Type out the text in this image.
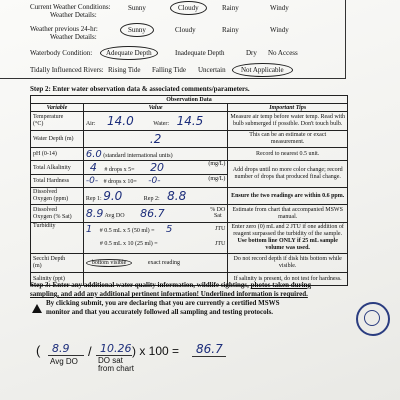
Current Weather Conditions:
Weather Details:
Sunny	Cloudy	Rainy	Windy
Weather previous 24-hr:
Weather Details:
Sunny	Cloudy	Rainy	Windy
Waterbody Condition:	Adequate Depth	Inadequate Depth	Dry No Access
Tidally Influenced Rivers: Rising Tide Falling Tide Uncertain	Not Applicable
Step 2: Enter water observation data & associated comments/parameters.
Observation Data		
Variable	Value	Important Tips
Temperature
(°C)	Air: 14.0 Water: 14.5	Measure air temp before water temp. Read with
bulb submerged if possible. Don't touch bulb.
Water Depth (m)	.2	This can be an estimate or exact
measurement.
pH (0-14)	6.0 (standard international units)	Record to nearest 0.5 unit.
Total Alkalinity	4 # drops x 5= 20 (mg/L)	Add drops until no more color change; record
number of drops that produced final change.
Total Hardness	-0- # drops x 10= -0- (mg/L)	

Dissolved
Oxygen (ppm)	Rep 1: 9.0 Rep 2: 8.8	Ensure the two readings are within 0.6 ppm.
Dissolved
Oxygen (% Sat)	8.9 Avg DO 86.7 % DO
Sat	Estimate from chart that accompanied MSWS
manual.
Turbidity	1 # 0.5 mL x 5 (50 ml) = 5 JTU

# 0.5 mL x 10 (25 ml) = JTU	Enter zero (0) mL and 2 JTU if one addition of
reagent surpassed the turbidity of the sample.
Use bottom line ONLY if 25 mL sample
volume was used.
Secchi Depth
(m)	bottom visible exact reading	Do not record depth if disk hits bottom while
visible.
Salinity (ppt)		If salinity is present, do not test for hardness.
Step 3: Enter any additional water quality information, wildlife sightings, photos taken during
sampling, and add any additional pertinent information! Underlined information is required.
By clicking submit, you are declaring that you are currently a certified MSWS
monitor and that you accurately followed all sampling and testing protocols.
( 8.9
Avg DO
/ 10.26
DO sat
from chart
) x 100 = 86.7
